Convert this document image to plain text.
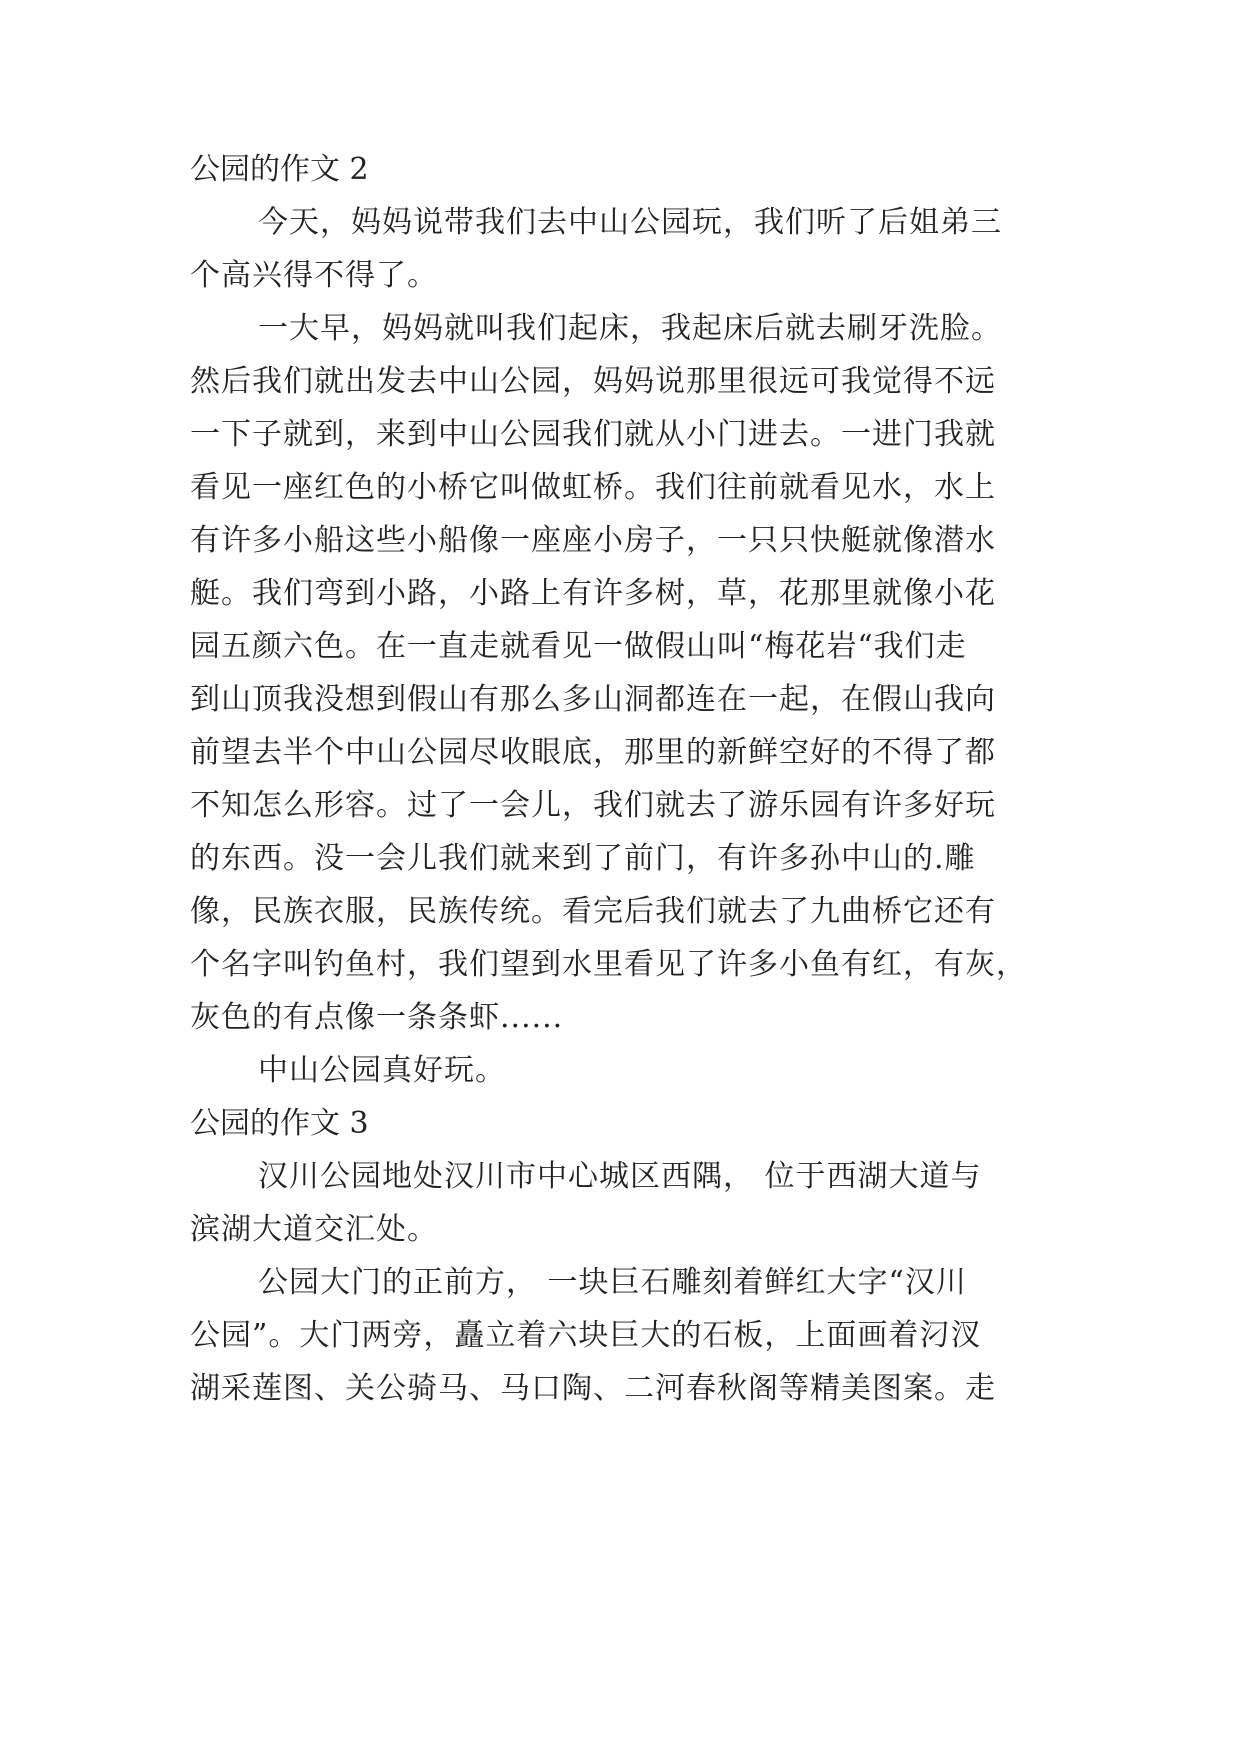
公园的作文 2
今天，妈妈说带我们去中山公园玩，我们听了后姐弟三
个高兴得不得了。
一大早，妈妈就叫我们起床，我起床后就去刷牙洗脸。
然后我们就出发去中山公园，妈妈说那里很远可我觉得不远
一下子就到，来到中山公园我们就从小门进去。一进门我就
看见一座红色的小桥它叫做虹桥。我们往前就看见水，水上
有许多小船这些小船像一座座小房子，一只只快艇就像潜水
艇。我们弯到小路，小路上有许多树，草，花那里就像小花
园五颜六色。在一直走就看见一做假山叫“梅花岩“我们走
到山顶我没想到假山有那么多山洞都连在一起，在假山我向
前望去半个中山公园尽收眼底，那里的新鲜空好的不得了都
不知怎么形容。过了一会儿，我们就去了游乐园有许多好玩
的东西。没一会儿我们就来到了前门，有许多孙中山的.雕
像，民族衣服，民族传统。看完后我们就去了九曲桥它还有
个名字叫钓鱼村，我们望到水里看见了许多小鱼有红，有灰，
灰色的有点像一条条虾......
中山公园真好玩。
公园的作文 3
汉川公园地处汉川市中心城区西隅， 位于西湖大道与
滨湖大道交汇处。
公园大门的正前方， 一块巨石雕刻着鲜红大字“汉川
公园”。大门两旁，矗立着六块巨大的石板，上面画着汈汊
湖采莲图、关公骑马、马口陶、二河春秋阁等精美图案。走
